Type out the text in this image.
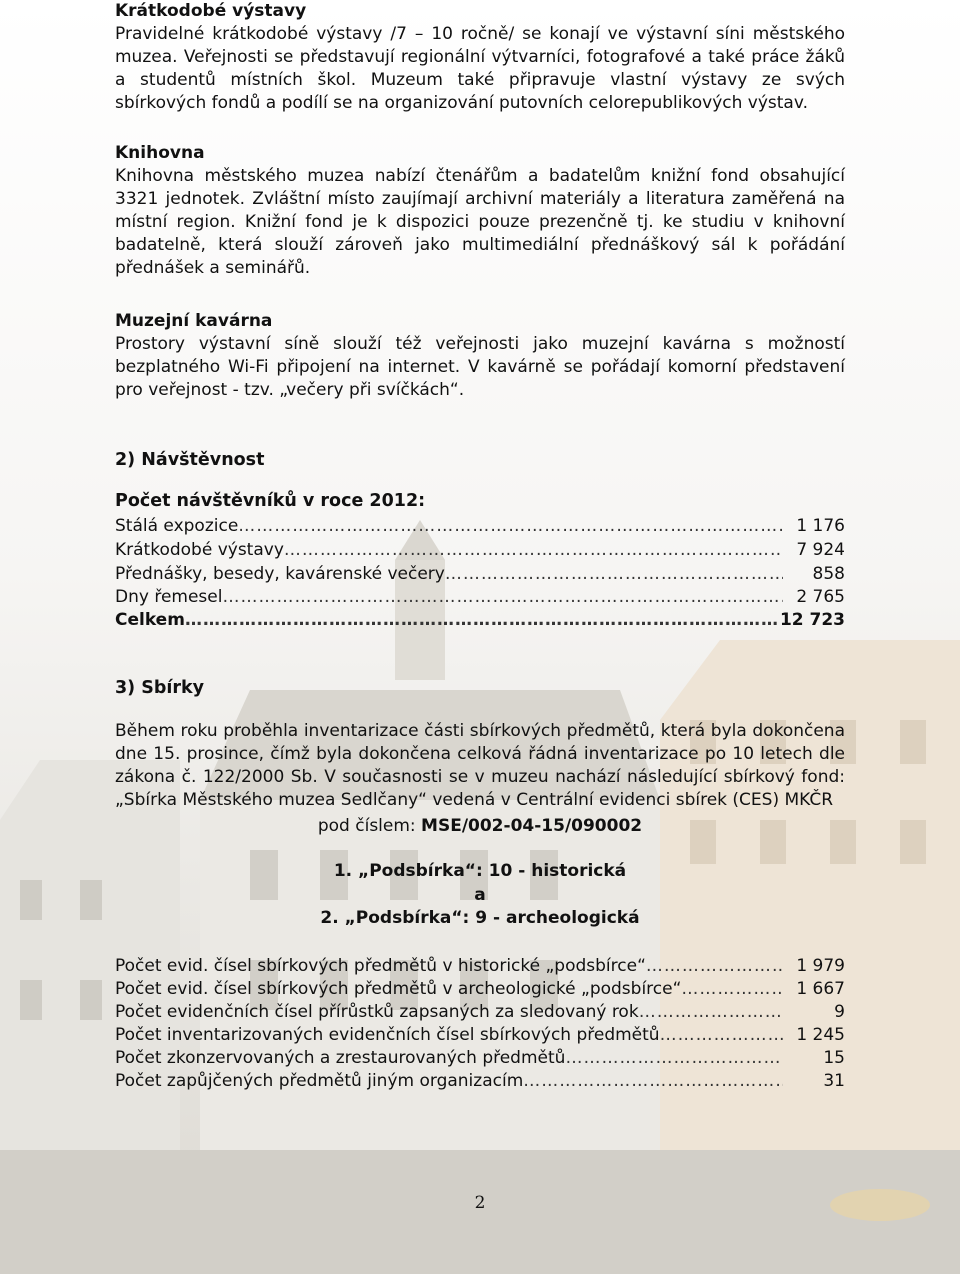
Krátkodobé výstavy
Pravidelné krátkodobé výstavy /7 – 10 ročně/ se konají ve výstavní síni městského muzea. Veřejnosti se představují regionální výtvarníci, fotografové a také práce žáků a studentů místních škol. Muzeum také připravuje vlastní výstavy ze svých sbírkových fondů a podílí se na organizování putovních celorepublikových výstav.
Knihovna
Knihovna městského muzea nabízí čtenářům a badatelům knižní fond obsahující 3321 jednotek. Zvláštní místo zaujímají archivní materiály a literatura zaměřená na místní region. Knižní fond je k dispozici pouze prezenčně tj. ke studiu v knihovní badatelně, která slouží zároveň jako multimediální přednáškový sál k pořádání přednášek a seminářů.
Muzejní kavárna
Prostory výstavní síně slouží též veřejnosti jako muzejní kavárna s možností bezplatného Wi-Fi připojení na internet. V kavárně se pořádají komorní představení pro veřejnost - tzv. „večery při svíčkách“.
2) Návštěvnost
Počet návštěvníků v roce 2012:
Stálá expozice ……………………………………………………………………………………………………………………………	1 176
Krátkodobé výstavy ……………………………………………………………………………………………………………………………	7 924
Přednášky, besedy, kavárenské večery ……………………………………………………………………………………………………………………………	858
Dny řemesel ……………………………………………………………………………………………………………………………	2 765
Celkem ……………………………………………………………………………………………………………………………	12 723
3) Sbírky
Během roku proběhla inventarizace části sbírkových předmětů, která byla dokončena dne 15. prosince, čímž byla dokončena celková řádná inventarizace po 10 letech dle zákona č. 122/2000 Sb. V současnosti se v muzeu nachází následující sbírkový fond: „Sbírka Městského muzea Sedlčany“ vedená v Centrální evidenci sbírek (CES) MKČR
pod číslem: MSE/002-04-15/090002
1. „Podsbírka“: 10 - historická
a
2. „Podsbírka“: 9 - archeologická
Počet evid. čísel sbírkových předmětů v historické „podsbírce“ ……………………………………………………………………………………………………………………………	1 979
Počet evid. čísel sbírkových předmětů v archeologické „podsbírce“ ……………………………………………………………………………………………………………………………	1 667
Počet evidenčních čísel přírůstků zapsaných za sledovaný rok ……………………………………………………………………………………………………………………………	9
Počet inventarizovaných evidenčních čísel sbírkových předmětů ……………………………………………………………………………………………………………………………	1 245
Počet zkonzervovaných a zrestaurovaných předmětů ……………………………………………………………………………………………………………………………	15
Počet zapůjčených předmětů jiným organizacím ……………………………………………………………………………………………………………………………	31
2
